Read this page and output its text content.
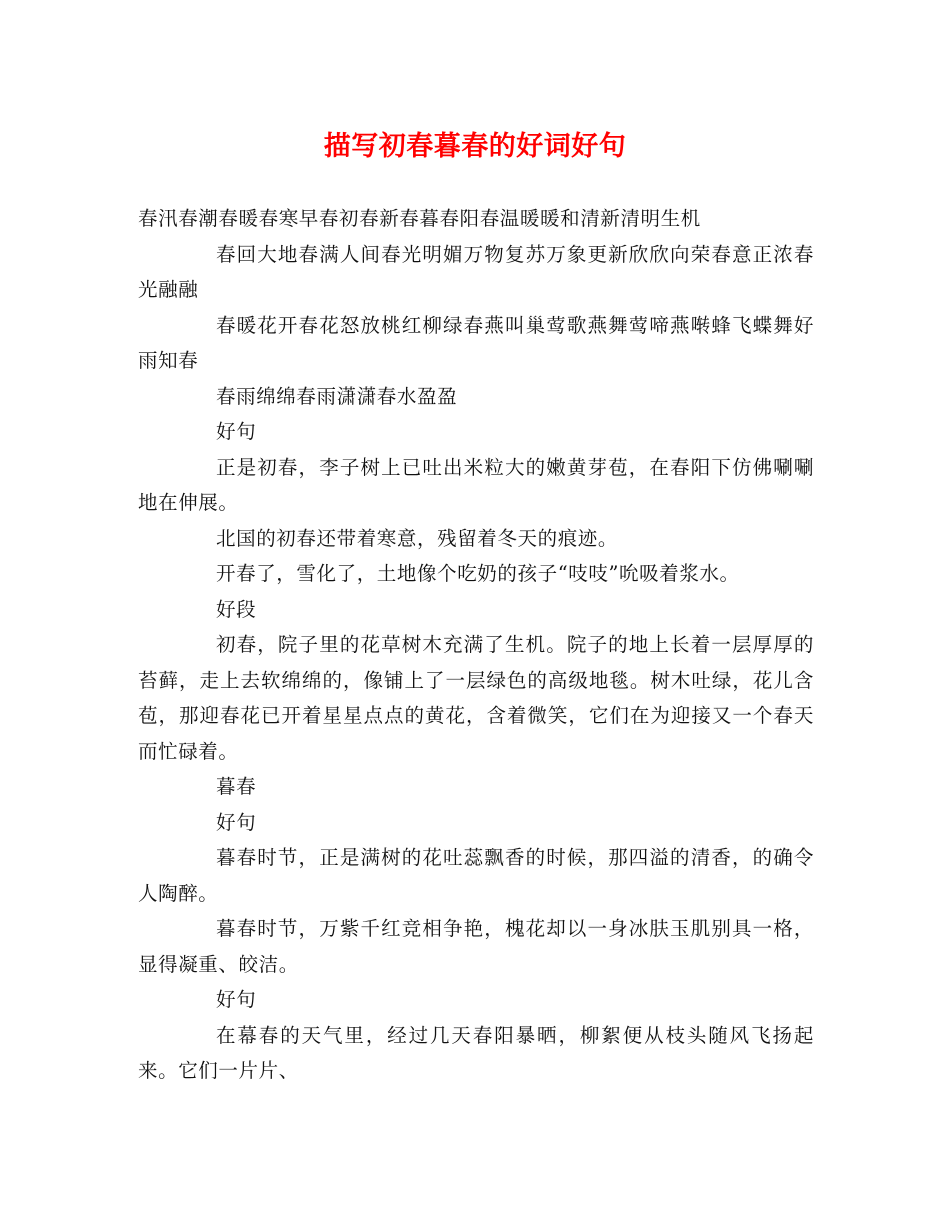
描写初春暮春的好词好句

春汛春潮春暖春寒早春初春新春暮春阳春温暖暖和清新清明生机

春回大地春满人间春光明媚万物复苏万象更新欣欣向荣春意正浓春光融融

春暖花开春花怒放桃红柳绿春燕叫巢莺歌燕舞莺啼燕啭蜂飞蝶舞好雨知春

春雨绵绵春雨潇潇春水盈盈

好句

正是初春，李子树上已吐出米粒大的嫩黄芽苞，在春阳下仿佛唰唰地在伸展。

北国的初春还带着寒意，残留着冬天的痕迹。

开春了，雪化了，土地像个吃奶的孩子“吱吱”吮吸着浆水。

好段

初春，院子里的花草树木充满了生机。院子的地上长着一层厚厚的苔藓，走上去软绵绵的，像铺上了一层绿色的高级地毯。树木吐绿，花儿含苞，那迎春花已开着星星点点的黄花，含着微笑，它们在为迎接又一个春天而忙碌着。

暮春

好句

暮春时节，正是满树的花吐蕊飘香的时候，那四溢的清香，的确令人陶醉。

暮春时节，万紫千红竞相争艳，槐花却以一身冰肤玉肌别具一格，显得凝重、皎洁。

好句

在幕春的天气里，经过几天春阳暴晒，柳絮便从枝头随风飞扬起来。它们一片片、
